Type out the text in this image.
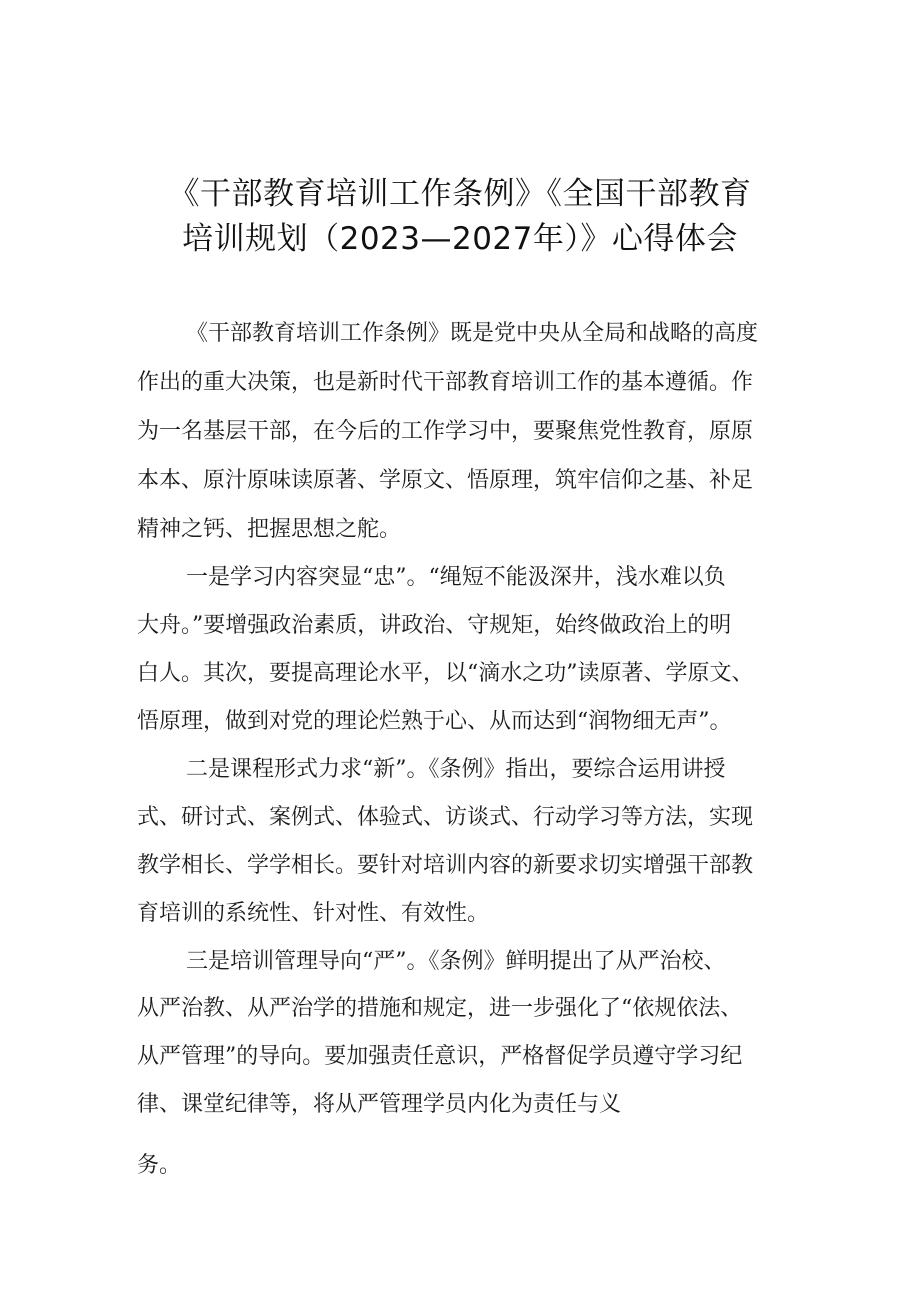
《干部教育培训工作条例》《全国干部教育
培训规划（2023—2027年）》心得体会
《干部教育培训工作条例》既是党中央从全局和战略的高度
作出的重大决策，也是新时代干部教育培训工作的基本遵循。作
为一名基层干部，在今后的工作学习中，要聚焦党性教育，原原
本本、原汁原味读原著、学原文、悟原理，筑牢信仰之基、补足
精神之钙、把握思想之舵。
一是学习内容突显“忠”。“绳短不能汲深井，浅水难以负
大舟。”要增强政治素质，讲政治、守规矩，始终做政治上的明
白人。其次，要提高理论水平，以“滴水之功”读原著、学原文、
悟原理，做到对党的理论烂熟于心、从而达到“润物细无声”。
二是课程形式力求“新”。《条例》指出，要综合运用讲授
式、研讨式、案例式、体验式、访谈式、行动学习等方法，实现
教学相长、学学相长。要针对培训内容的新要求切实增强干部教
育培训的系统性、针对性、有效性。
三是培训管理导向“严”。《条例》鲜明提出了从严治校、
从严治教、从严治学的措施和规定，进一步强化了“依规依法、
从严管理”的导向。要加强责任意识，严格督促学员遵守学习纪
律、课堂纪律等，将从严管理学员内化为责任与义
务。
